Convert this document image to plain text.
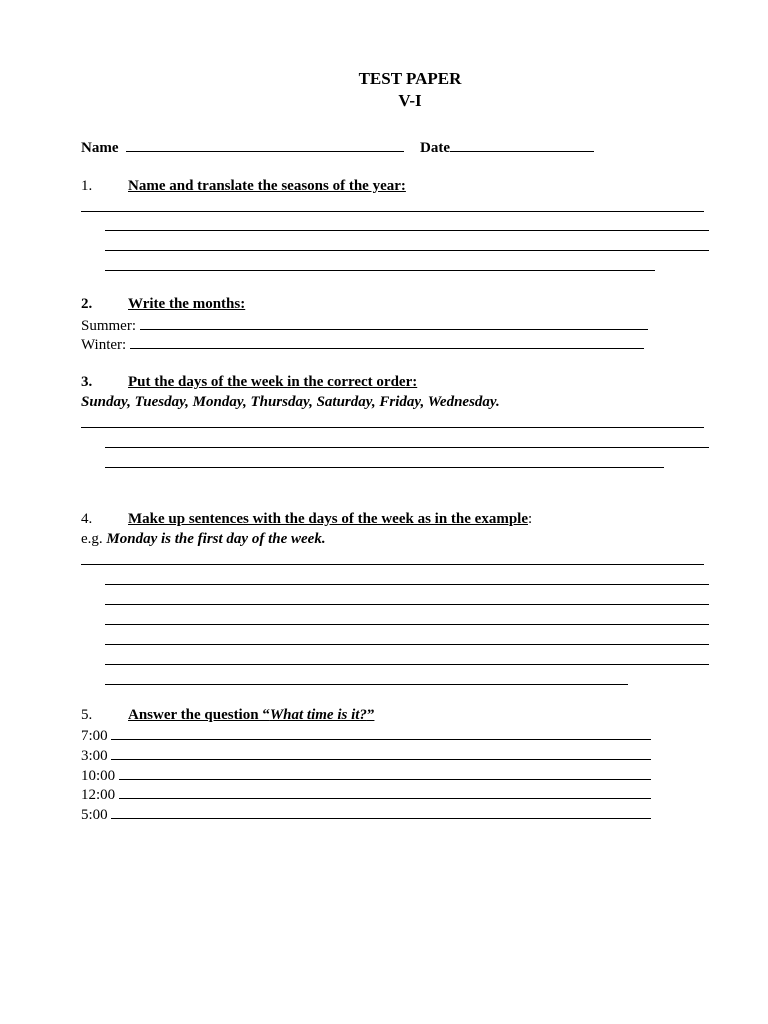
TEST PAPER
V-I
Name	Date
1. Name and translate the seasons of the year:
2. Write the months:
Summer:
Winter:
3. Put the days of the week in the correct order:
Sunday, Tuesday, Monday, Thursday, Saturday, Friday, Wednesday.
4. Make up sentences with the days of the week as in the example:
e.g. Monday is the first day of the week.
5. Answer the question “What time is it?”
7:00
3:00
10:00
12:00
5:00
